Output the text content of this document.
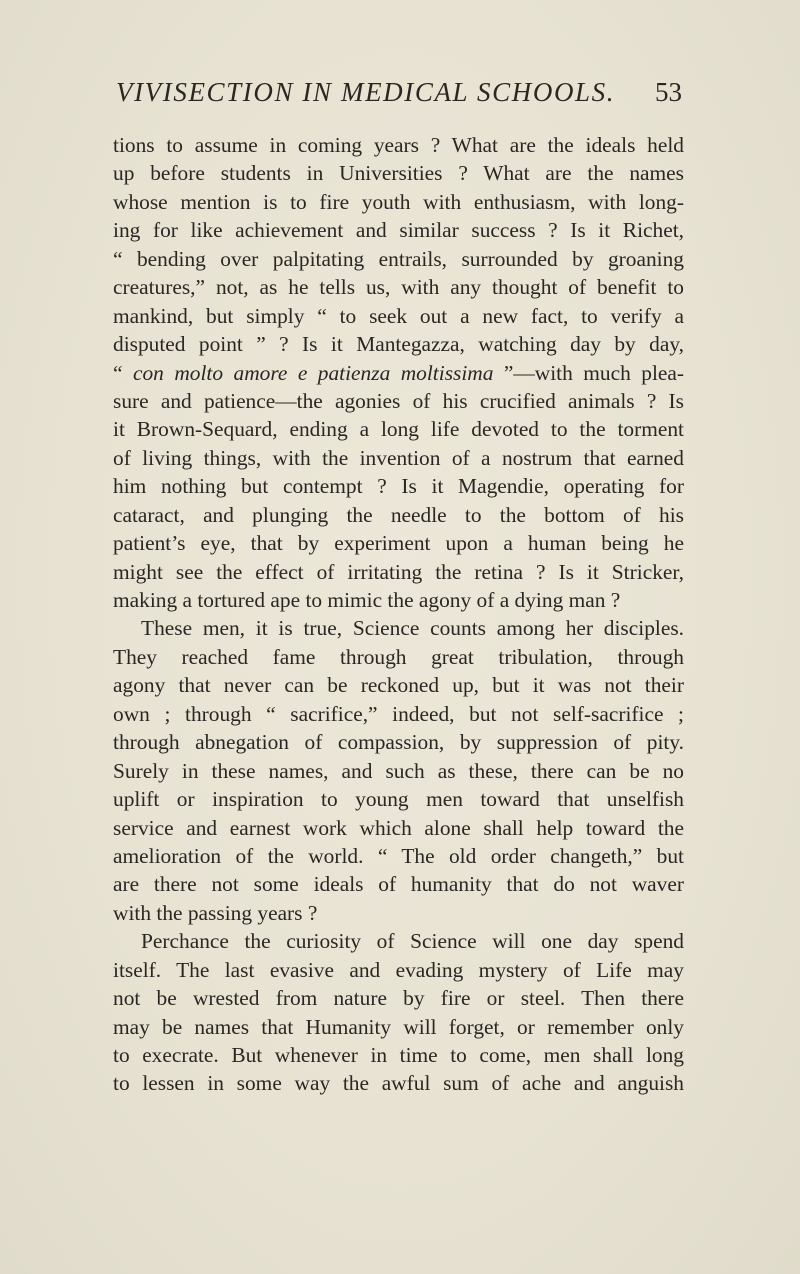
VIVISECTION IN MEDICAL SCHOOLS. 53
tions to assume in coming years ? What are the ideals held
up before students in Universities ? What are the names
whose mention is to fire youth with enthusiasm, with long-
ing for like achievement and similar success ? Is it Richet,
“ bending over palpitating entrails, surrounded by groaning
creatures,” not, as he tells us, with any thought of benefit to
mankind, but simply “ to seek out a new fact, to verify a
disputed point ” ? Is it Mantegazza, watching day by day,
“ con molto amore e patienza moltissima ”—with much plea-
sure and patience—the agonies of his crucified animals ? Is
it Brown-Sequard, ending a long life devoted to the torment
of living things, with the invention of a nostrum that earned
him nothing but contempt ? Is it Magendie, operating for
cataract, and plunging the needle to the bottom of his
patient’s eye, that by experiment upon a human being he
might see the effect of irritating the retina ? Is it Stricker,
making a tortured ape to mimic the agony of a dying man ?
These men, it is true, Science counts among her disciples.
They reached fame through great tribulation, through
agony that never can be reckoned up, but it was not their
own ; through “ sacrifice,” indeed, but not self-sacrifice ;
through abnegation of compassion, by suppression of pity.
Surely in these names, and such as these, there can be no
uplift or inspiration to young men toward that unselfish
service and earnest work which alone shall help toward the
amelioration of the world. “ The old order changeth,” but
are there not some ideals of humanity that do not waver
with the passing years ?
Perchance the curiosity of Science will one day spend
itself. The last evasive and evading mystery of Life may
not be wrested from nature by fire or steel. Then there
may be names that Humanity will forget, or remember only
to execrate. But whenever in time to come, men shall long
to lessen in some way the awful sum of ache and anguish
